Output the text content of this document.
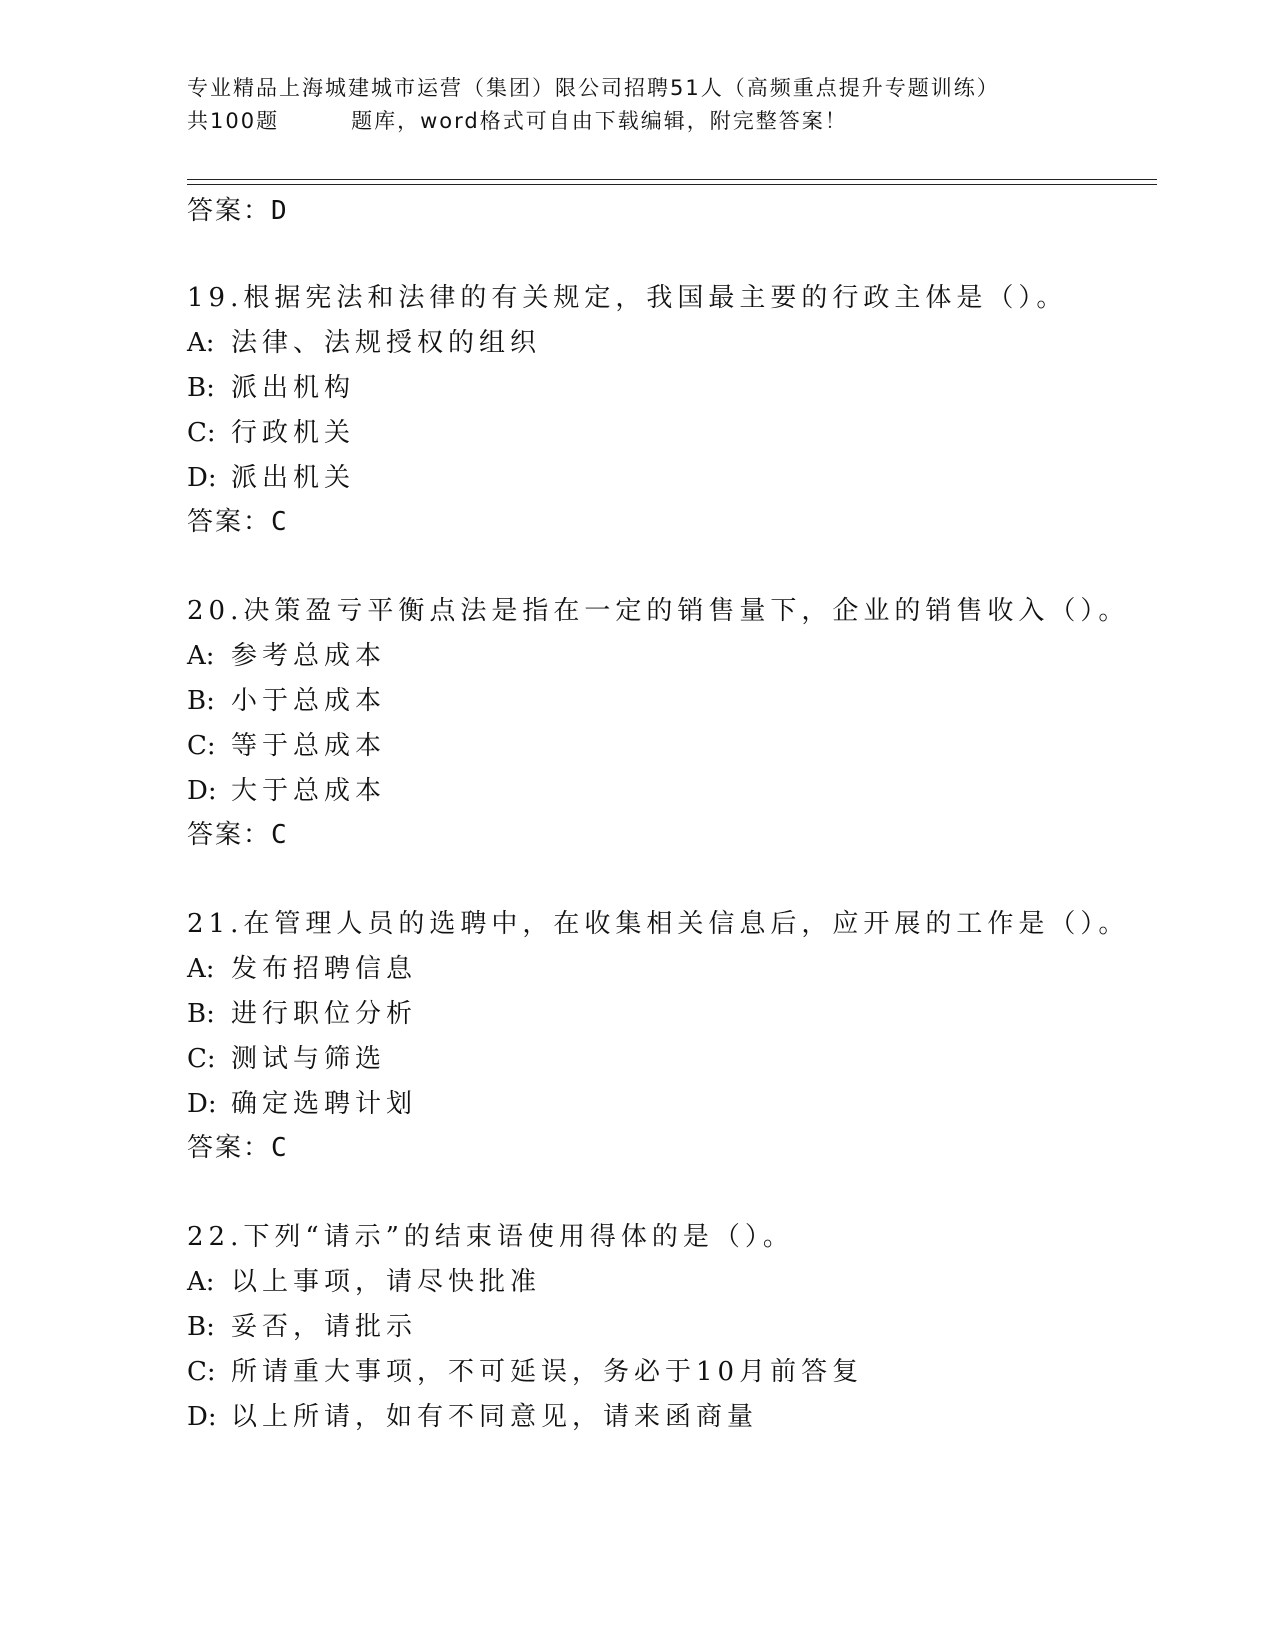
专业精品上海城建城市运营（集团）限公司招聘51人（高频重点提升专题训练）
共100题	题库，word格式可自由下载编辑，附完整答案！
答案：D
19.根据宪法和法律的有关规定，我国最主要的行政主体是（）。
A: 法律、法规授权的组织
B: 派出机构
C: 行政机关
D: 派出机关
答案：C
20.决策盈亏平衡点法是指在一定的销售量下，企业的销售收入（）。
A: 参考总成本
B: 小于总成本
C: 等于总成本
D: 大于总成本
答案：C
21.在管理人员的选聘中，在收集相关信息后，应开展的工作是（）。
A: 发布招聘信息
B: 进行职位分析
C: 测试与筛选
D: 确定选聘计划
答案：C
22.下列“请示”的结束语使用得体的是（）。
A: 以上事项，请尽快批准
B: 妥否，请批示
C: 所请重大事项，不可延误，务必于10月前答复
D: 以上所请，如有不同意见，请来函商量
